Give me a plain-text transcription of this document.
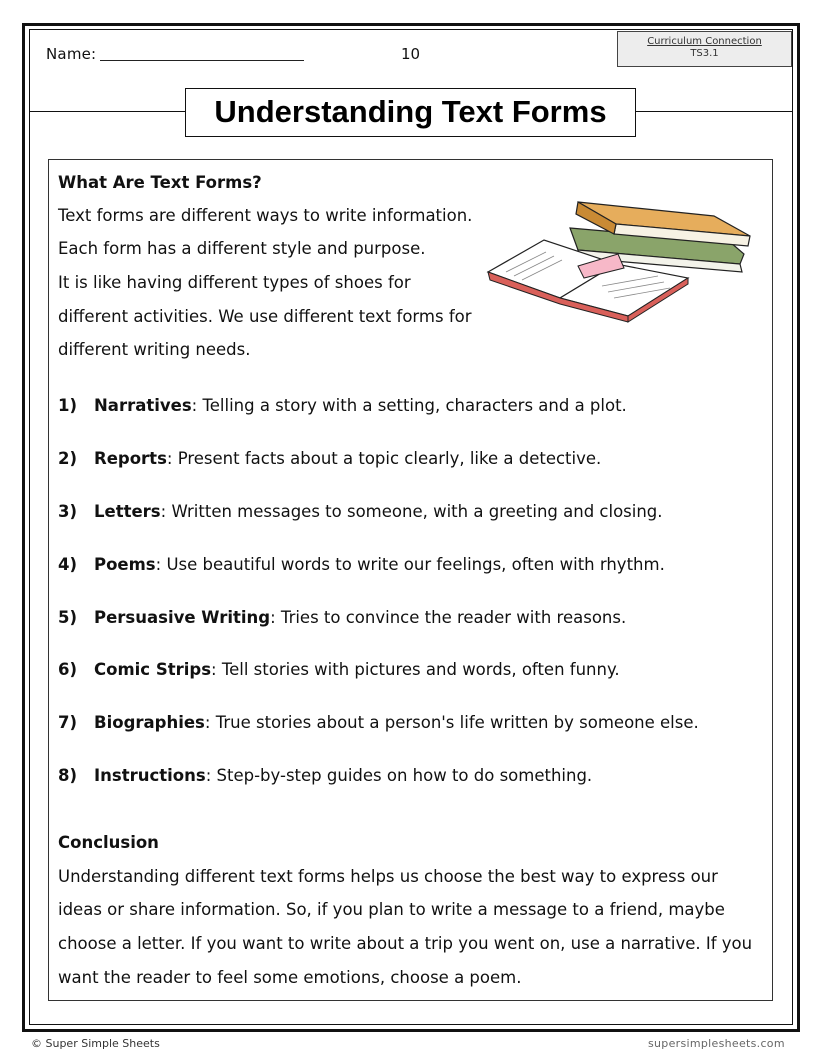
Name:	10
Curriculum Connection
TS3.1
Understanding Text Forms
What Are Text Forms?
Text forms are different ways to write information.
Each form has a different style and purpose.
It is like having different types of shoes for
different activities. We use different text forms for
different writing needs.
1) Narratives: Telling a story with a setting, characters and a plot.
2) Reports: Present facts about a topic clearly, like a detective.
3) Letters: Written messages to someone, with a greeting and closing.
4) Poems: Use beautiful words to write our feelings, often with rhythm.
5) Persuasive Writing: Tries to convince the reader with reasons.
6) Comic Strips: Tell stories with pictures and words, often funny.
7) Biographies: True stories about a person's life written by someone else.
8) Instructions: Step-by-step guides on how to do something.
Conclusion
Understanding different text forms helps us choose the best way to express our
ideas or share information. So, if you plan to write a message to a friend, maybe
choose a letter. If you want to write about a trip you went on, use a narrative. If you
want the reader to feel some emotions, choose a poem.
© Super Simple Sheets	supersimplesheets.com
